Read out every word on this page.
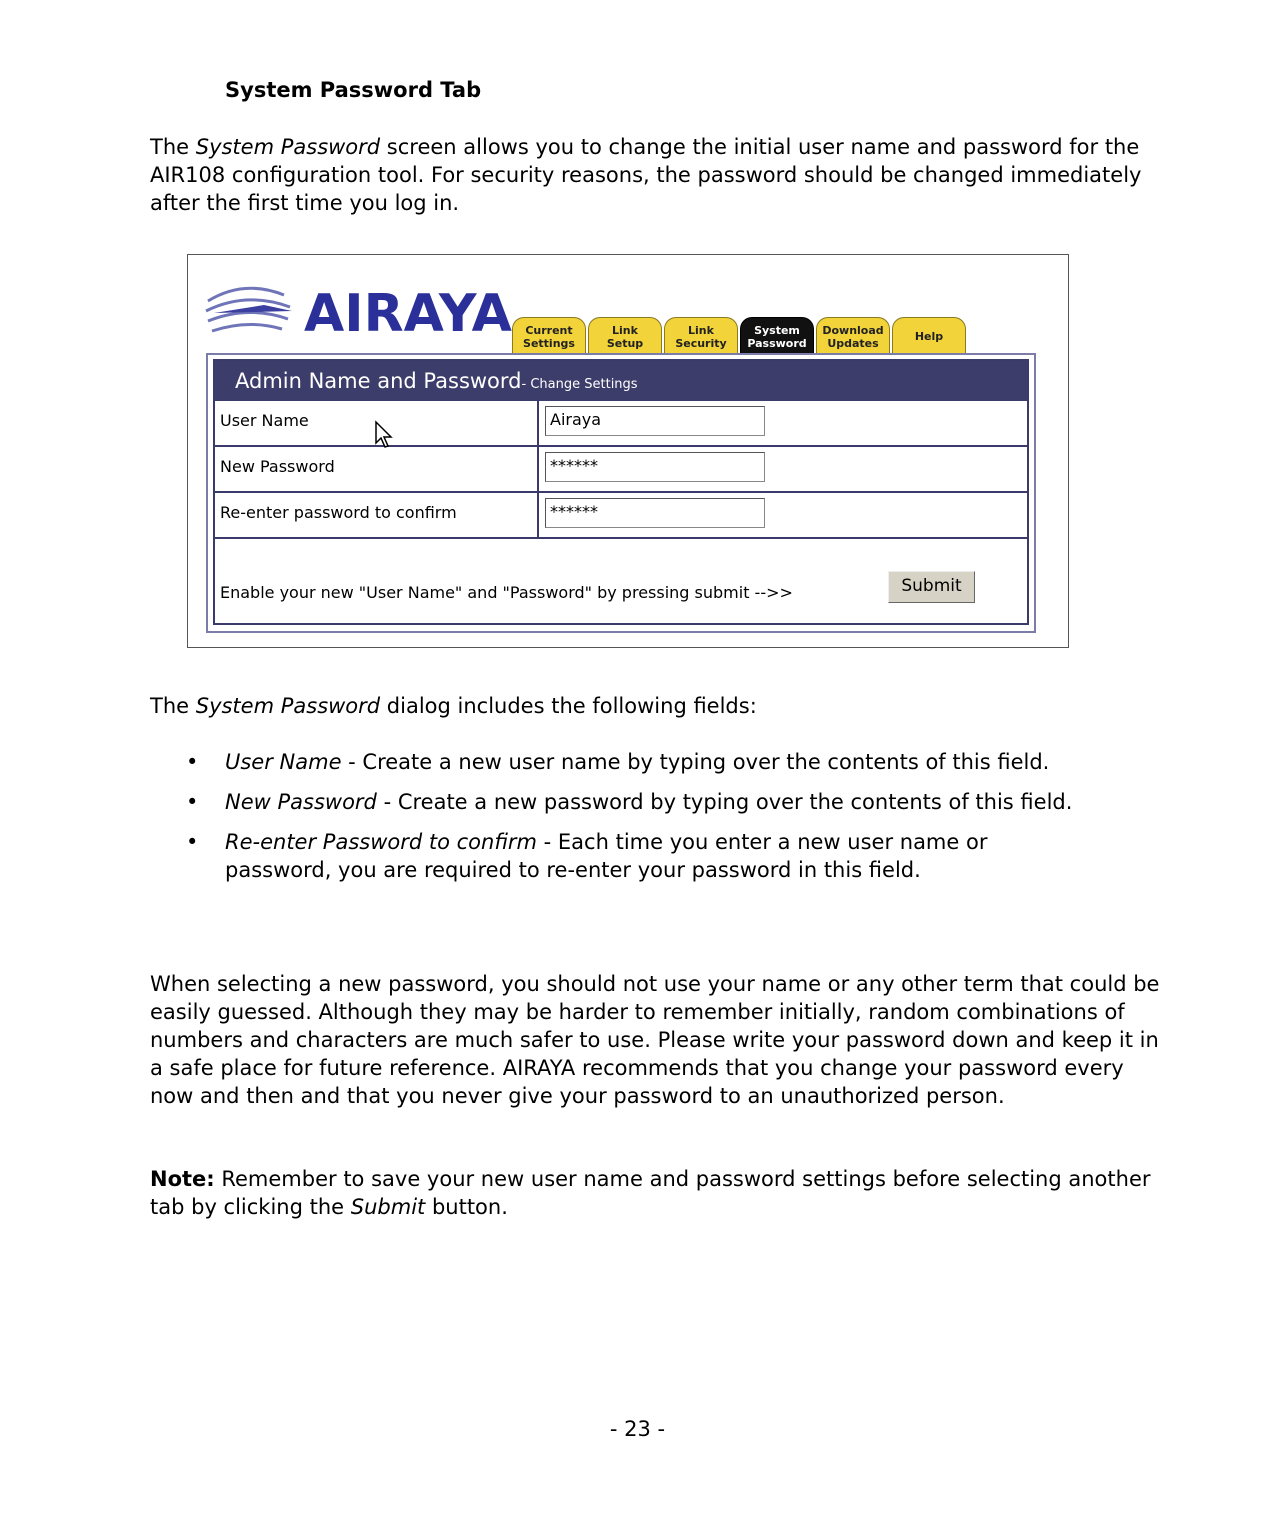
System Password Tab

The System Password screen allows you to change the initial user name and password for the AIR108 configuration tool. For security reasons, the password should be changed immediately after the first time you log in.

AIRAYA	Current
Settings
Link
Setup
Link
Security
System
Password
Download
Updates	Help
Admin Name and Password- Change Settings
User Name	Airaya
New Password	******
Re-enter password to confirm	******
Enable your new "User Name" and "Password" by pressing submit -->>	Submit

The System Password dialog includes the following fields:

• User Name - Create a new user name by typing over the contents of this field.
• New Password - Create a new password by typing over the contents of this field.
• Re-enter Password to confirm - Each time you enter a new user name or password, you are required to re-enter your password in this field.

When selecting a new password, you should not use your name or any other term that could be easily guessed. Although they may be harder to remember initially, random combinations of numbers and characters are much safer to use. Please write your password down and keep it in a safe place for future reference. AIRAYA recommends that you change your password every now and then and that you never give your password to an unauthorized person.

Note: Remember to save your new user name and password settings before selecting another tab by clicking the Submit button.

- 23 -
